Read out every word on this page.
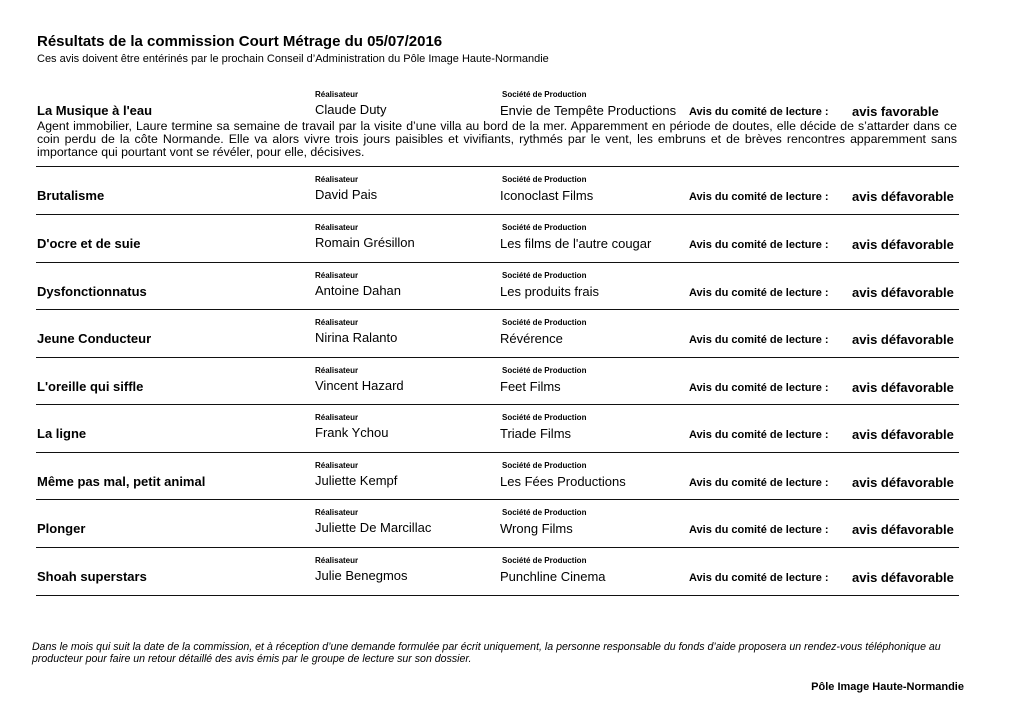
Résultats de la commission Court Métrage du 05/07/2016
Ces avis doivent être entérinés par le prochain Conseil d’Administration du Pôle Image Haute-Normandie
Réalisateur	Société de Production
La Musique à l'eau	Claude Duty	Envie de Tempête Productions Avis du comité de lecture : avis favorable
Agent immobilier, Laure termine sa semaine de travail par la visite d’une villa au bord de la mer. Apparemment en période de doutes, elle décide de s’attarder dans ce coin perdu de la côte Normande. Elle va alors vivre trois jours paisibles et vivifiants, rythmés par le vent, les embruns et de brèves rencontres apparemment sans importance qui pourtant vont se révéler, pour elle, décisives.
Réalisateur	Société de Production
Brutalisme	David Pais	Iconoclast Films	Avis du comité de lecture : avis défavorable
Réalisateur	Société de Production
D'ocre et de suie	Romain Grésillon	Les films de l'autre cougar	Avis du comité de lecture : avis défavorable
Réalisateur	Société de Production
Dysfonctionnatus	Antoine Dahan	Les produits frais	Avis du comité de lecture : avis défavorable
Réalisateur	Société de Production
Jeune Conducteur	Nirina Ralanto	Révérence	Avis du comité de lecture : avis défavorable
Réalisateur	Société de Production
L'oreille qui siffle	Vincent Hazard	Feet Films	Avis du comité de lecture : avis défavorable
Réalisateur	Société de Production
La ligne	Frank Ychou	Triade Films	Avis du comité de lecture : avis défavorable
Réalisateur	Société de Production
Même pas mal, petit animal	Juliette Kempf	Les Fées Productions	Avis du comité de lecture : avis défavorable
Réalisateur	Société de Production
Plonger	Juliette De Marcillac	Wrong Films	Avis du comité de lecture : avis défavorable
Réalisateur	Société de Production
Shoah superstars	Julie Benegmos	Punchline Cinema	Avis du comité de lecture : avis défavorable
Dans le mois qui suit la date de la commission, et à réception d’une demande formulée par écrit uniquement, la personne responsable du fonds d’aide proposera un rendez-vous téléphonique au producteur pour faire un retour détaillé des avis émis par le groupe de lecture sur son dossier.
Pôle Image Haute-Normandie
